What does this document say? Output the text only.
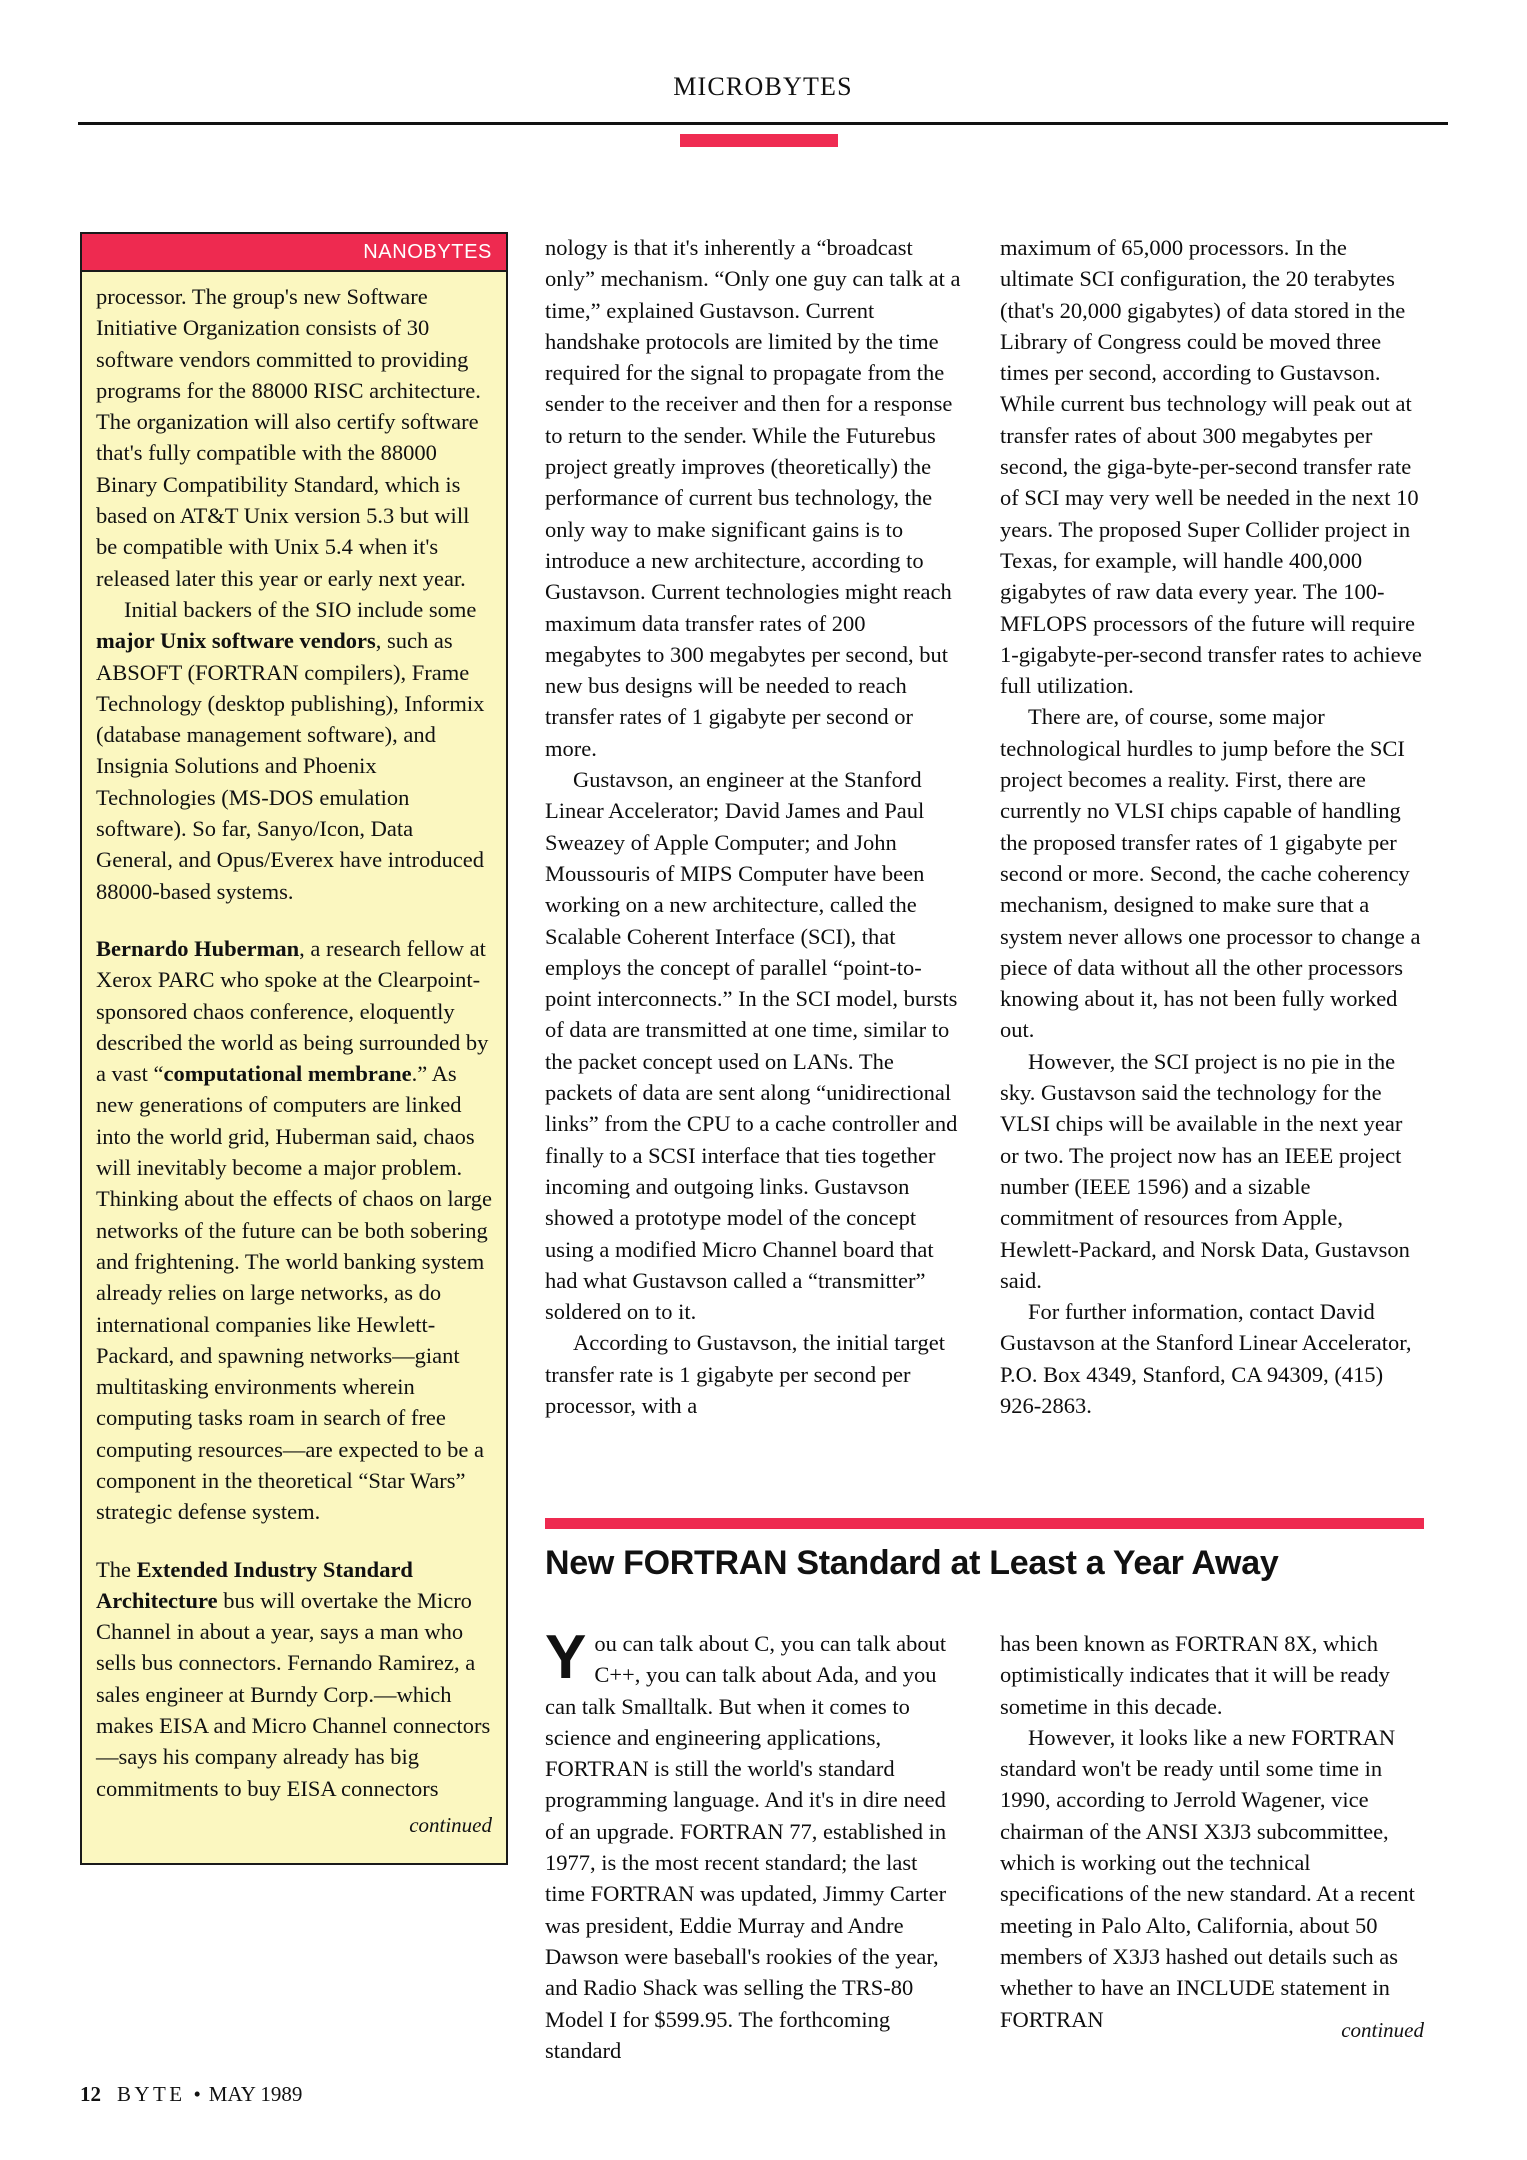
MICROBYTES
NANOBYTES

processor. The group's new Software Initiative Organization consists of 30 software vendors committed to providing programs for the 88000 RISC architecture. The organization will also certify software that's fully compatible with the 88000 Binary Compatibility Standard, which is based on AT&T Unix version 5.3 but will be compatible with Unix 5.4 when it's released later this year or early next year.

Initial backers of the SIO include some major Unix software vendors, such as ABSOFT (FORTRAN compilers), Frame Technology (desktop publishing), Informix (database management software), and Insignia Solutions and Phoenix Technologies (MS-DOS emulation software). So far, Sanyo/Icon, Data General, and Opus/Everex have introduced 88000-based systems.

Bernardo Huberman, a research fellow at Xerox PARC who spoke at the Clearpoint-sponsored chaos conference, eloquently described the world as being surrounded by a vast “computational membrane.” As new generations of computers are linked into the world grid, Huberman said, chaos will inevitably become a major problem. Thinking about the effects of chaos on large networks of the future can be both sobering and frightening. The world banking system already relies on large networks, as do international companies like Hewlett-Packard, and spawning networks—giant multitasking environments wherein computing tasks roam in search of free computing resources—are expected to be a component in the theoretical “Star Wars” strategic defense system.

The Extended Industry Standard Architecture bus will overtake the Micro Channel in about a year, says a man who sells bus connectors. Fernando Ramirez, a sales engineer at Burndy Corp.—which makes EISA and Micro Channel connectors—says his company already has big commitments to buy EISA connectors

continued

nology is that it's inherently a “broadcast only” mechanism. “Only one guy can talk at a time,” explained Gustavson. Current handshake protocols are limited by the time required for the signal to propagate from the sender to the receiver and then for a response to return to the sender. While the Futurebus project greatly improves (theoretically) the performance of current bus technology, the only way to make significant gains is to introduce a new architecture, according to Gustavson. Current technologies might reach maximum data transfer rates of 200 megabytes to 300 megabytes per second, but new bus designs will be needed to reach transfer rates of 1 gigabyte per second or more.

Gustavson, an engineer at the Stanford Linear Accelerator; David James and Paul Sweazey of Apple Computer; and John Moussouris of MIPS Computer have been working on a new architecture, called the Scalable Coherent Interface (SCI), that employs the concept of parallel “point-to-point interconnects.” In the SCI model, bursts of data are transmitted at one time, similar to the packet concept used on LANs. The packets of data are sent along “unidirectional links” from the CPU to a cache controller and finally to a SCSI interface that ties together incoming and outgoing links. Gustavson showed a prototype model of the concept using a modified Micro Channel board that had what Gustavson called a “transmitter” soldered on to it.

According to Gustavson, the initial target transfer rate is 1 gigabyte per second per processor, with a

maximum of 65,000 processors. In the ultimate SCI configuration, the 20 terabytes (that's 20,000 gigabytes) of data stored in the Library of Congress could be moved three times per second, according to Gustavson. While current bus technology will peak out at transfer rates of about 300 megabytes per second, the giga-byte-per-second transfer rate of SCI may very well be needed in the next 10 years. The proposed Super Collider project in Texas, for example, will handle 400,000 gigabytes of raw data every year. The 100-MFLOPS processors of the future will require 1-gigabyte-per-second transfer rates to achieve full utilization.

There are, of course, some major technological hurdles to jump before the SCI project becomes a reality. First, there are currently no VLSI chips capable of handling the proposed transfer rates of 1 gigabyte per second or more. Second, the cache coherency mechanism, designed to make sure that a system never allows one processor to change a piece of data without all the other processors knowing about it, has not been fully worked out.

However, the SCI project is no pie in the sky. Gustavson said the technology for the VLSI chips will be available in the next year or two. The project now has an IEEE project number (IEEE 1596) and a sizable commitment of resources from Apple, Hewlett-Packard, and Norsk Data, Gustavson said.

For further information, contact David Gustavson at the Stanford Linear Accelerator, P.O. Box 4349, Stanford, CA 94309, (415) 926-2863.

New FORTRAN Standard at Least a Year Away

You can talk about C, you can talk about C++, you can talk about Ada, and you can talk Smalltalk. But when it comes to science and engineering applications, FORTRAN is still the world's standard programming language. And it's in dire need of an upgrade. FORTRAN 77, established in 1977, is the most recent standard; the last time FORTRAN was updated, Jimmy Carter was president, Eddie Murray and Andre Dawson were baseball's rookies of the year, and Radio Shack was selling the TRS-80 Model I for $599.95. The forthcoming standard

has been known as FORTRAN 8X, which optimistically indicates that it will be ready sometime in this decade.

However, it looks like a new FORTRAN standard won't be ready until some time in 1990, according to Jerrold Wagener, vice chairman of the ANSI X3J3 subcommittee, which is working out the technical specifications of the new standard. At a recent meeting in Palo Alto, California, about 50 members of X3J3 hashed out details such as whether to have an INCLUDE statement in FORTRAN	continued
12 BYTE • MAY 1989
